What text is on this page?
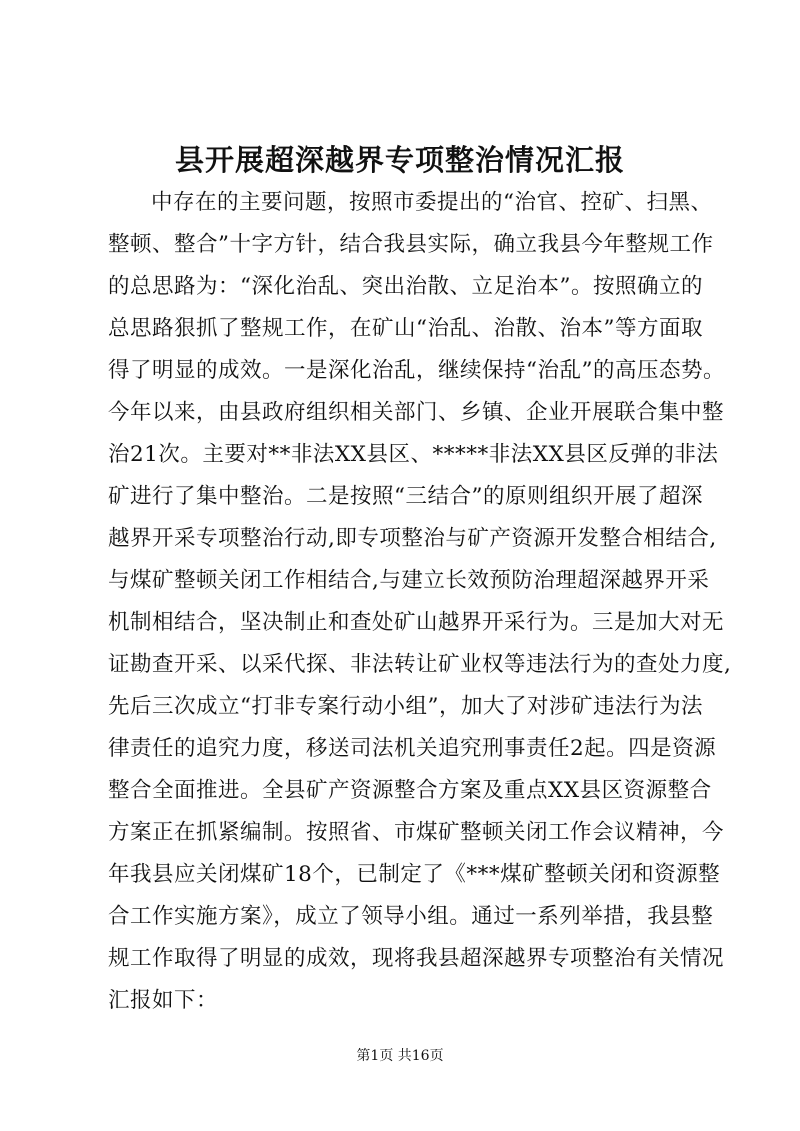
县开展超深越界专项整治情况汇报
中存在的主要问题，按照市委提出的“治官、控矿、扫黑、
整顿、整合”十字方针，结合我县实际，确立我县今年整规工作
的总思路为：“深化治乱、突出治散、立足治本”。按照确立的
总思路狠抓了整规工作，在矿山“治乱、治散、治本”等方面取
得了明显的成效。一是深化治乱，继续保持“治乱”的高压态势。
今年以来，由县政府组织相关部门、乡镇、企业开展联合集中整
治21次。主要对**非法XX县区、*****非法XX县区反弹的非法
矿进行了集中整治。二是按照“三结合”的原则组织开展了超深
越界开采专项整治行动,即专项整治与矿产资源开发整合相结合,
与煤矿整顿关闭工作相结合,与建立长效预防治理超深越界开采
机制相结合，坚决制止和查处矿山越界开采行为。三是加大对无
证勘查开采、以采代探、非法转让矿业权等违法行为的查处力度,
先后三次成立“打非专案行动小组”，加大了对涉矿违法行为法
律责任的追究力度，移送司法机关追究刑事责任2起。四是资源
整合全面推进。全县矿产资源整合方案及重点XX县区资源整合
方案正在抓紧编制。按照省、市煤矿整顿关闭工作会议精神，今
年我县应关闭煤矿18个，已制定了《***煤矿整顿关闭和资源整
合工作实施方案》，成立了领导小组。通过一系列举措，我县整
规工作取得了明显的成效，现将我县超深越界专项整治有关情况
汇报如下：
第1页 共16页
